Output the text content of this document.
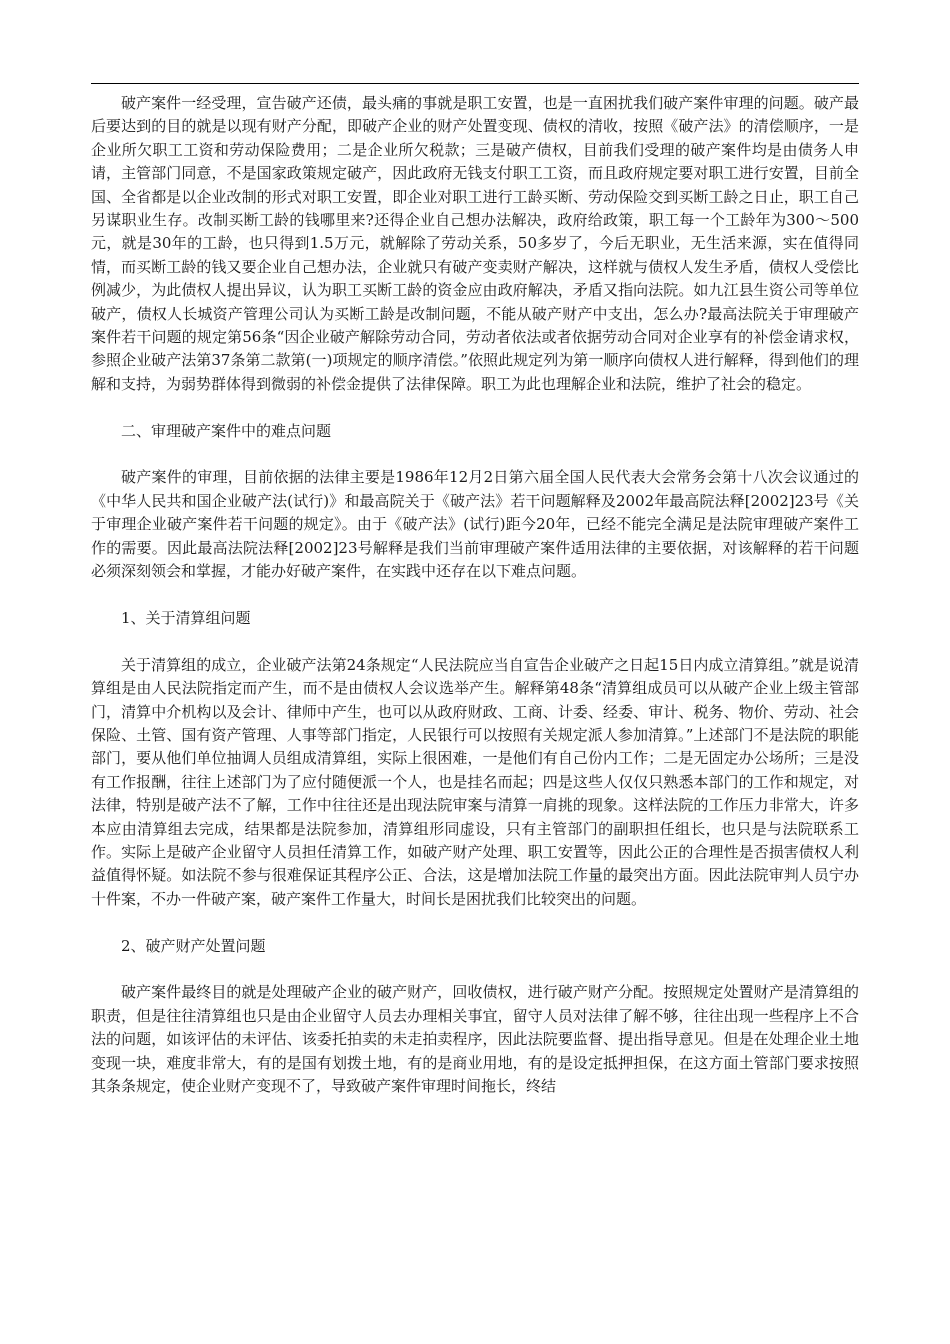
破产案件一经受理，宣告破产还债，最头痛的事就是职工安置，也是一直困扰我们破产案件审理的问题。破产最后要达到的目的就是以现有财产分配，即破产企业的财产处置变现、债权的清收，按照《破产法》的清偿顺序，一是企业所欠职工工资和劳动保险费用；二是企业所欠税款；三是破产债权，目前我们受理的破产案件均是由债务人申请，主管部门同意，不是国家政策规定破产，因此政府无钱支付职工工资，而且政府规定要对职工进行安置，目前全国、全省都是以企业改制的形式对职工安置，即企业对职工进行工龄买断、劳动保险交到买断工龄之日止，职工自己另谋职业生存。改制买断工龄的钱哪里来?还得企业自己想办法解决，政府给政策，职工每一个工龄年为300～500元，就是30年的工龄，也只得到1.5万元，就解除了劳动关系，50多岁了，今后无职业，无生活来源，实在值得同情，而买断工龄的钱又要企业自己想办法，企业就只有破产变卖财产解决，这样就与债权人发生矛盾，债权人受偿比例减少，为此债权人提出异议，认为职工买断工龄的资金应由政府解决，矛盾又指向法院。如九江县生资公司等单位破产，债权人长城资产管理公司认为买断工龄是改制问题，不能从破产财产中支出，怎么办?最高法院关于审理破产案件若干问题的规定第56条“因企业破产解除劳动合同，劳动者依法或者依据劳动合同对企业享有的补偿金请求权，参照企业破产法第37条第二款第(一)项规定的顺序清偿。”依照此规定列为第一顺序向债权人进行解释，得到他们的理解和支持，为弱势群体得到微弱的补偿金提供了法律保障。职工为此也理解企业和法院，维护了社会的稳定。

二、审理破产案件中的难点问题

破产案件的审理，目前依据的法律主要是1986年12月2日第六届全国人民代表大会常务会第十八次会议通过的《中华人民共和国企业破产法(试行)》和最高院关于《破产法》若干问题解释及2002年最高院法释[2002]23号《关于审理企业破产案件若干问题的规定》。由于《破产法》(试行)距今20年，已经不能完全满足是法院审理破产案件工作的需要。因此最高法院法释[2002]23号解释是我们当前审理破产案件适用法律的主要依据，对该解释的若干问题必须深刻领会和掌握，才能办好破产案件，在实践中还存在以下难点问题。

1、关于清算组问题

关于清算组的成立，企业破产法第24条规定“人民法院应当自宣告企业破产之日起15日内成立清算组。”就是说清算组是由人民法院指定而产生，而不是由债权人会议选举产生。解释第48条“清算组成员可以从破产企业上级主管部门，清算中介机构以及会计、律师中产生，也可以从政府财政、工商、计委、经委、审计、税务、物价、劳动、社会保险、土管、国有资产管理、人事等部门指定，人民银行可以按照有关规定派人参加清算。”上述部门不是法院的职能部门，要从他们单位抽调人员组成清算组，实际上很困难，一是他们有自己份内工作；二是无固定办公场所；三是没有工作报酬，往往上述部门为了应付随便派一个人，也是挂名而起；四是这些人仅仅只熟悉本部门的工作和规定，对法律，特别是破产法不了解，工作中往往还是出现法院审案与清算一肩挑的现象。这样法院的工作压力非常大，许多本应由清算组去完成，结果都是法院参加，清算组形同虚设，只有主管部门的副职担任组长，也只是与法院联系工作。实际上是破产企业留守人员担任清算工作，如破产财产处理、职工安置等，因此公正的合理性是否损害债权人利益值得怀疑。如法院不参与很难保证其程序公正、合法，这是增加法院工作量的最突出方面。因此法院审判人员宁办十件案，不办一件破产案，破产案件工作量大，时间长是困扰我们比较突出的问题。

2、破产财产处置问题

破产案件最终目的就是处理破产企业的破产财产，回收债权，进行破产财产分配。按照规定处置财产是清算组的职责，但是往往清算组也只是由企业留守人员去办理相关事宜，留守人员对法律了解不够，往往出现一些程序上不合法的问题，如该评估的未评估、该委托拍卖的未走拍卖程序，因此法院要监督、提出指导意见。但是在处理企业土地变现一块，难度非常大，有的是国有划拨土地，有的是商业用地，有的是设定抵押担保，在这方面土管部门要求按照其条条规定，使企业财产变现不了，导致破产案件审理时间拖长，终结
